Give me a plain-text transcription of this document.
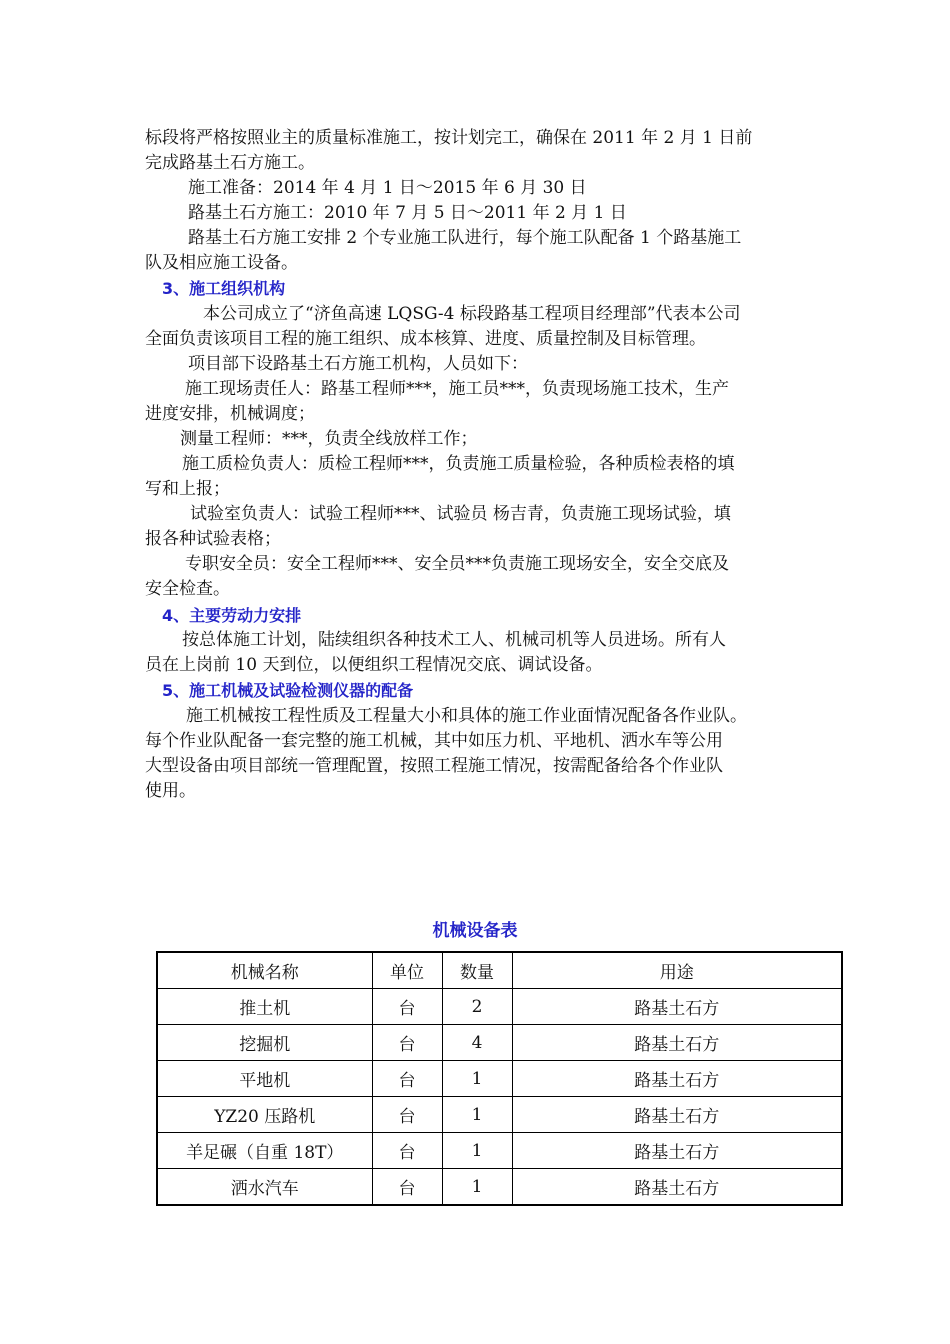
标段将严格按照业主的质量标准施工，按计划完工，确保在 2011 年 2 月 1 日前
完成路基土石方施工。
施工准备：2014 年 4 月 1 日～2015 年 6 月 30 日
路基土石方施工：2010 年 7 月 5 日～2011 年 2 月 1 日
路基土石方施工安排 2 个专业施工队进行，每个施工队配备 1 个路基施工
队及相应施工设备。
3、施工组织机构
本公司成立了“济鱼高速 LQSG-4 标段路基工程项目经理部”代表本公司
全面负责该项目工程的施工组织、成本核算、进度、质量控制及目标管理。
项目部下设路基土石方施工机构，人员如下：
施工现场责任人：路基工程师***，施工员***，负责现场施工技术，生产
进度安排，机械调度；
测量工程师：***，负责全线放样工作；
施工质检负责人：质检工程师***，负责施工质量检验，各种质检表格的填
写和上报；
试验室负责人：试验工程师***、试验员 杨吉青，负责施工现场试验，填
报各种试验表格；
专职安全员：安全工程师***、安全员***负责施工现场安全，安全交底及
安全检查。
4、主要劳动力安排
按总体施工计划，陆续组织各种技术工人、机械司机等人员进场。所有人
员在上岗前 10 天到位，以便组织工程情况交底、调试设备。
5、施工机械及试验检测仪器的配备
施工机械按工程性质及工程量大小和具体的施工作业面情况配备各作业队。
每个作业队配备一套完整的施工机械，其中如压力机、平地机、洒水车等公用
大型设备由项目部统一管理配置，按照工程施工情况，按需配备给各个作业队
使用。
机械设备表
机械名称	单位	数量	用途
推土机	台	2	路基土石方
挖掘机	台	4	路基土石方
平地机	台	1	路基土石方
YZ20 压路机	台	1	路基土石方
羊足碾（自重 18T）	台	1	路基土石方
洒水汽车	台	1	路基土石方
